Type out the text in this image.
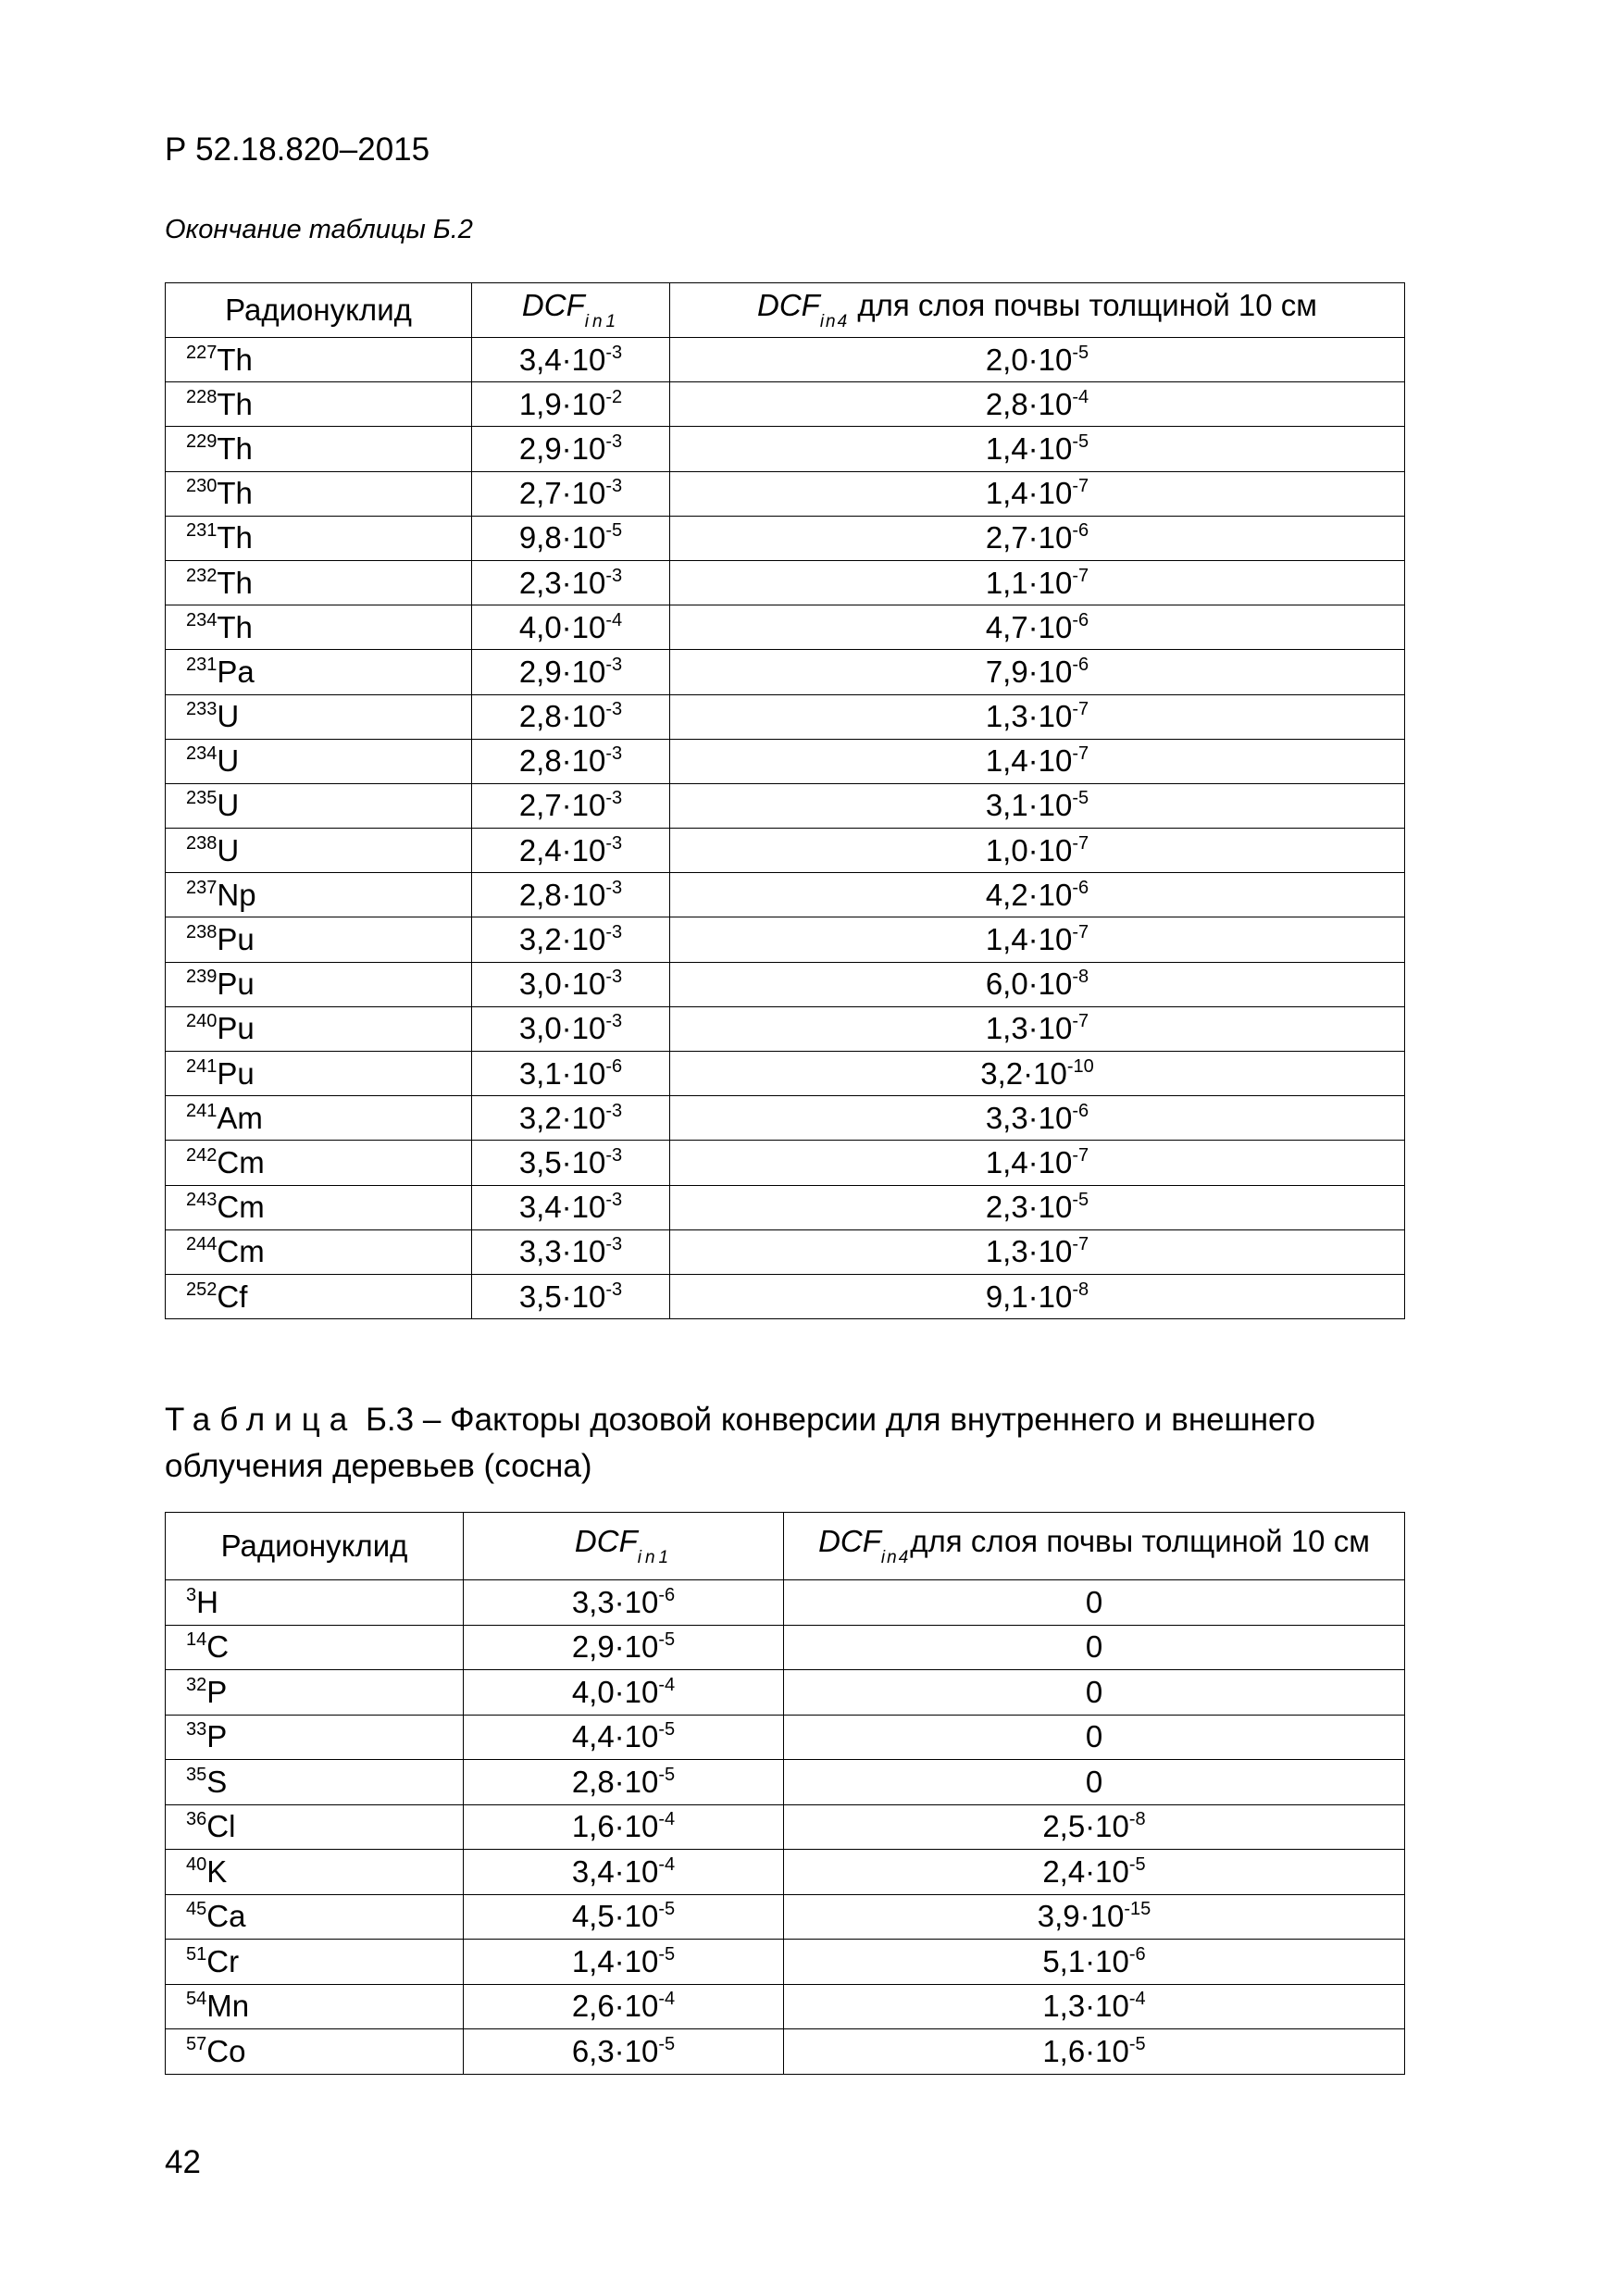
Р 52.18.820–2015
Окончание таблицы Б.2
Радионуклид	$DCF_{in1}$	$DCF_{in4}$ для слоя почвы толщиной 10 см
$^{227}$Th	$3,4\cdot 10^{-3}$	$2,0\cdot 10^{-5}$
$^{228}$Th	$1,9\cdot 10^{-2}$	$2,8\cdot 10^{-4}$
$^{229}$Th	$2,9\cdot 10^{-3}$	$1,4\cdot 10^{-5}$
$^{230}$Th	$2,7\cdot 10^{-3}$	$1,4\cdot 10^{-7}$
$^{231}$Th	$9,8\cdot 10^{-5}$	$2,7\cdot 10^{-6}$
$^{232}$Th	$2,3\cdot 10^{-3}$	$1,1\cdot 10^{-7}$
$^{234}$Th	$4,0\cdot 10^{-4}$	$4,7\cdot 10^{-6}$
$^{231}$Pa	$2,9\cdot 10^{-3}$	$7,9\cdot 10^{-6}$
$^{233}$U	$2,8\cdot 10^{-3}$	$1,3\cdot 10^{-7}$
$^{234}$U	$2,8\cdot 10^{-3}$	$1,4\cdot 10^{-7}$
$^{235}$U	$2,7\cdot 10^{-3}$	$3,1\cdot 10^{-5}$
$^{238}$U	$2,4\cdot 10^{-3}$	$1,0\cdot 10^{-7}$
$^{237}$Np	$2,8\cdot 10^{-3}$	$4,2\cdot 10^{-6}$
$^{238}$Pu	$3,2\cdot 10^{-3}$	$1,4\cdot 10^{-7}$
$^{239}$Pu	$3,0\cdot 10^{-3}$	$6,0\cdot 10^{-8}$
$^{240}$Pu	$3,0\cdot 10^{-3}$	$1,3\cdot 10^{-7}$
$^{241}$Pu	$3,1\cdot 10^{-6}$	$3,2\cdot 10^{-10}$
$^{241}$Am	$3,2\cdot 10^{-3}$	$3,3\cdot 10^{-6}$
$^{242}$Cm	$3,5\cdot 10^{-3}$	$1,4\cdot 10^{-7}$
$^{243}$Cm	$3,4\cdot 10^{-3}$	$2,3\cdot 10^{-5}$
$^{244}$Cm	$3,3\cdot 10^{-3}$	$1,3\cdot 10^{-7}$
$^{252}$Cf	$3,5\cdot 10^{-3}$	$9,1\cdot 10^{-8}$
Таблица Б.3 – Факторы дозовой конверсии для внутреннего и внешнего облучения деревьев (сосна)
Радионуклид	$DCF_{in1}$	$DCF_{in4}для$ слоя почвы толщиной 10 см
$^3$H	$3,3\cdot 10^{-6}$	0
$^{14}$C	$2,9\cdot 10^{-5}$	0
$^{32}$P	$4,0\cdot 10^{-4}$	0
$^{33}$P	$4,4\cdot 10^{-5}$	0
$^{35}$S	$2,8\cdot 10^{-5}$	0
$^{36}$Cl	$1,6\cdot 10^{-4}$	$2,5\cdot 10^{-8}$
$^{40}$K	$3,4\cdot 10^{-4}$	$2,4\cdot 10^{-5}$
$^{45}$Ca	$4,5\cdot 10^{-5}$	$3,9\cdot 10^{-15}$
$^{51}$Cr	$1,4\cdot 10^{-5}$	$5,1\cdot 10^{-6}$
$^{54}$Mn	$2,6\cdot 10^{-4}$	$1,3\cdot 10^{-4}$
$^{57}$Co	$6,3\cdot 10^{-5}$	$1,6\cdot 10^{-5}$
42
